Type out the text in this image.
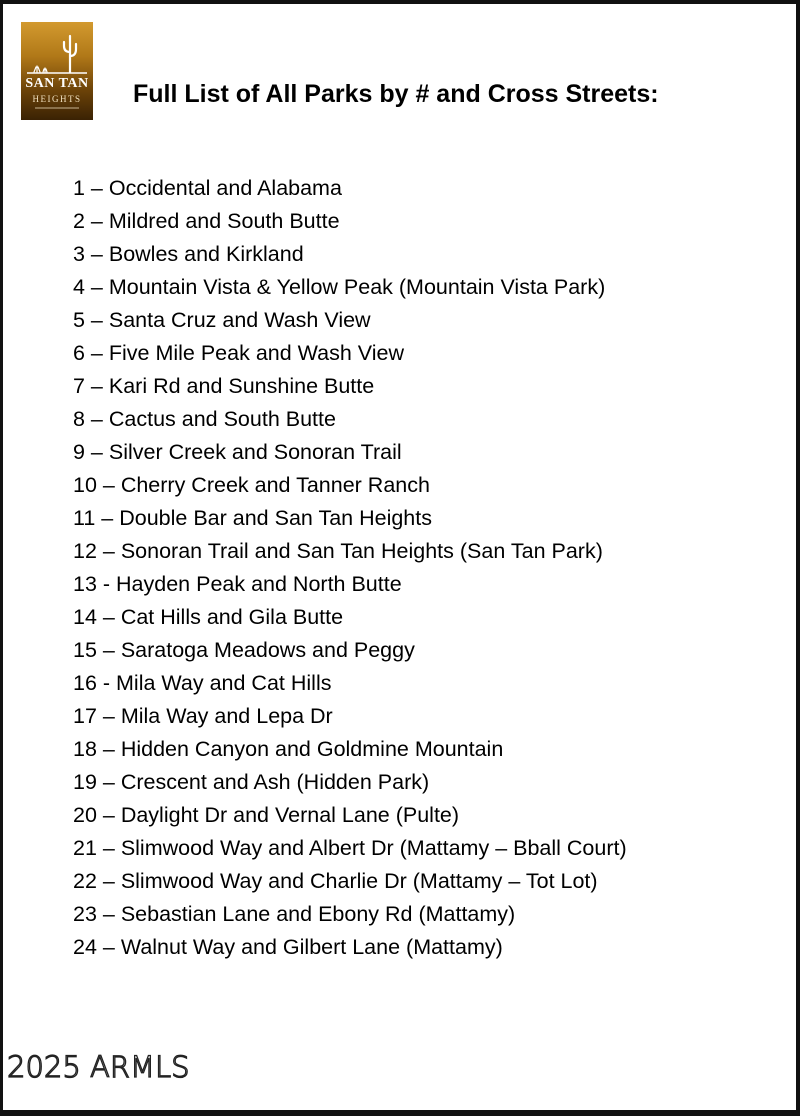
SAN TAN
HEIGHTS	Full List of All Parks by # and Cross Streets:
1 – Occidental and Alabama
2 – Mildred and South Butte
3 – Bowles and Kirkland
4 – Mountain Vista & Yellow Peak (Mountain Vista Park)
5 – Santa Cruz and Wash View
6 – Five Mile Peak and Wash View
7 – Kari Rd and Sunshine Butte
8 – Cactus and South Butte
9 – Silver Creek and Sonoran Trail
10 – Cherry Creek and Tanner Ranch
11 – Double Bar and San Tan Heights
12 – Sonoran Trail and San Tan Heights (San Tan Park)
13 - Hayden Peak and North Butte
14 – Cat Hills and Gila Butte
15 – Saratoga Meadows and Peggy
16 - Mila Way and Cat Hills
17 – Mila Way and Lepa Dr
18 – Hidden Canyon and Goldmine Mountain
19 – Crescent and Ash (Hidden Park)
20 – Daylight Dr and Vernal Lane (Pulte)
21 – Slimwood Way and Albert Dr (Mattamy – Bball Court)
22 – Slimwood Way and Charlie Dr (Mattamy – Tot Lot)
23 – Sebastian Lane and Ebony Rd (Mattamy)
24 – Walnut Way and Gilbert Lane (Mattamy)
2025 ARMLS
